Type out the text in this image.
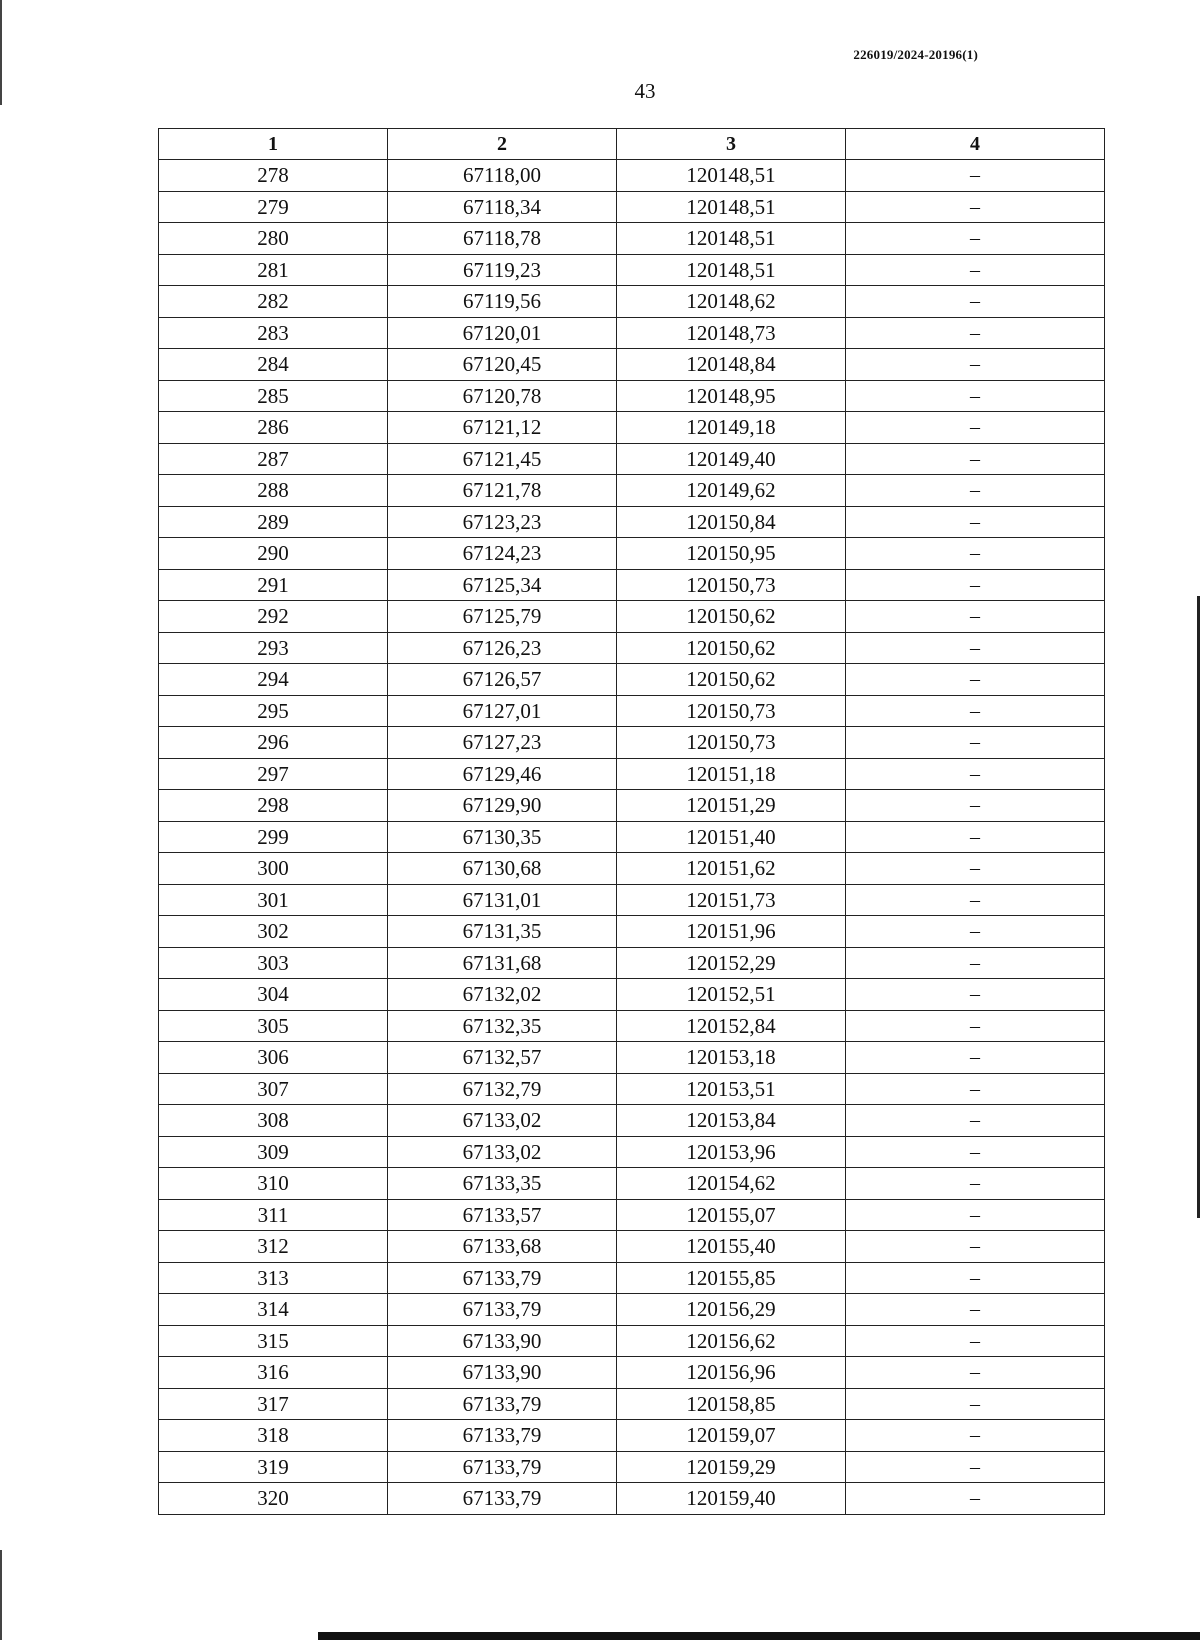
226019/2024-20196(1)
43
1	2	3	4
278	67118,00	120148,51	–
279	67118,34	120148,51	–
280	67118,78	120148,51	–
281	67119,23	120148,51	–
282	67119,56	120148,62	–
283	67120,01	120148,73	–
284	67120,45	120148,84	–
285	67120,78	120148,95	–
286	67121,12	120149,18	–
287	67121,45	120149,40	–
288	67121,78	120149,62	–
289	67123,23	120150,84	–
290	67124,23	120150,95	–
291	67125,34	120150,73	–
292	67125,79	120150,62	–
293	67126,23	120150,62	–
294	67126,57	120150,62	–
295	67127,01	120150,73	–
296	67127,23	120150,73	–
297	67129,46	120151,18	–
298	67129,90	120151,29	–
299	67130,35	120151,40	–
300	67130,68	120151,62	–
301	67131,01	120151,73	–
302	67131,35	120151,96	–
303	67131,68	120152,29	–
304	67132,02	120152,51	–
305	67132,35	120152,84	–
306	67132,57	120153,18	–
307	67132,79	120153,51	–
308	67133,02	120153,84	–
309	67133,02	120153,96	–
310	67133,35	120154,62	–
311	67133,57	120155,07	–
312	67133,68	120155,40	–
313	67133,79	120155,85	–
314	67133,79	120156,29	–
315	67133,90	120156,62	–
316	67133,90	120156,96	–
317	67133,79	120158,85	–
318	67133,79	120159,07	–
319	67133,79	120159,29	–
320	67133,79	120159,40	–
